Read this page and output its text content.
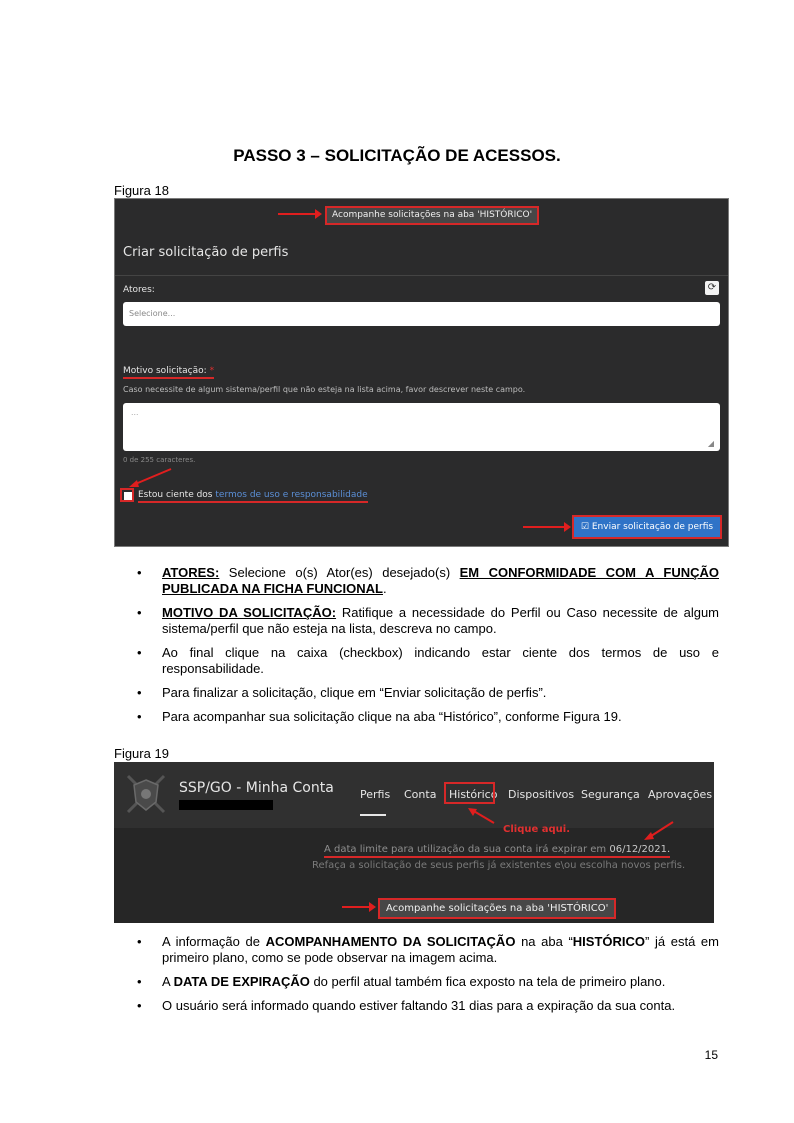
PASSO 3 – SOLICITAÇÃO DE ACESSOS.
Figura 18
Acompanhe solicitações na aba 'HISTÓRICO'
Criar solicitação de perfis
Atores:	⟳
Selecione...
Motivo solicitação: *
Caso necessite de algum sistema/perfil que não esteja na lista acima, favor descrever neste campo.
...
◢
0 de 255 caracteres.
Estou ciente dos termos de uso e responsabilidade
☑ Enviar solicitação de perfis
• ATORES: Selecione o(s) Ator(es) desejado(s) EM CONFORMIDADE COM A FUNÇÃO PUBLICADA NA FICHA FUNCIONAL.
• MOTIVO DA SOLICITAÇÃO: Ratifique a necessidade do Perfil ou Caso necessite de algum sistema/perfil que não esteja na lista, descreva no campo.
• Ao final clique na caixa (checkbox) indicando estar ciente dos termos de uso e responsabilidade.
• Para finalizar a solicitação, clique em “Enviar solicitação de perfis”.
• Para acompanhar sua solicitação clique na aba “Histórico”, conforme Figura 19.
Figura 19
SSP/GO - Minha Conta Perfis Conta Histórico Dispositivos Segurança Aprovações
Clique aqui.
A data limite para utilização da sua conta irá expirar em 06/12/2021.
Refaça a solicitação de seus perfis já existentes e\ou escolha novos perfis.
Acompanhe solicitações na aba 'HISTÓRICO'
• A informação de ACOMPANHAMENTO DA SOLICITAÇÃO na aba “HISTÓRICO” já está em primeiro plano, como se pode observar na imagem acima.
• A DATA DE EXPIRAÇÃO do perfil atual também fica exposto na tela de primeiro plano.
• O usuário será informado quando estiver faltando 31 dias para a expiração da sua conta.
15
